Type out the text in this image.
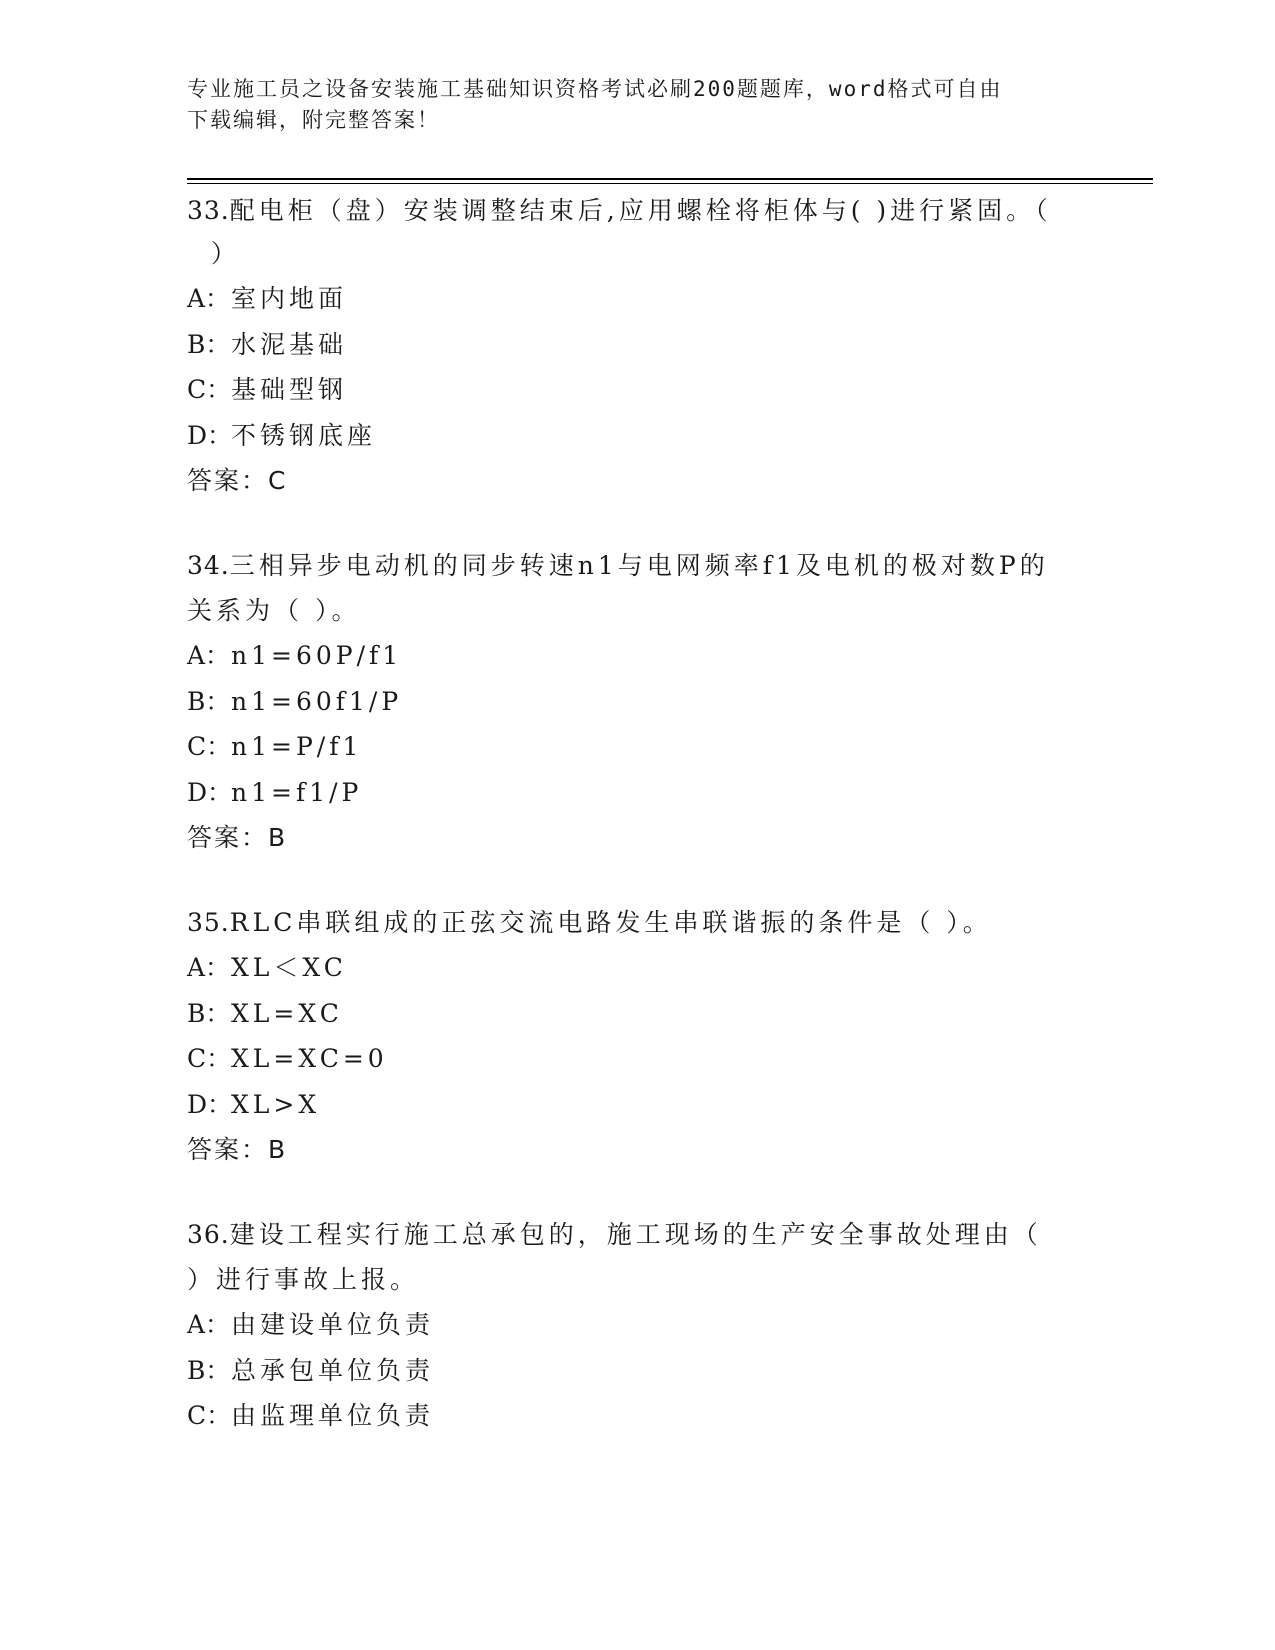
专业施工员之设备安装施工基础知识资格考试必刷200题题库，word格式可自由
下载编辑，附完整答案！

33.配电柜（盘）安装调整结束后,应用螺栓将柜体与( )进行紧固。（

）

A：室内地面

B：水泥基础

C：基础型钢

D：不锈钢底座

答案：C

34.三相异步电动机的同步转速n1与电网频率f1及电机的极对数P的

关系为（ ）。

A：n1=60P/f1

B：n1=60f1/P

C：n1=P/f1

D：n1=f1/P

答案：B

35.RLC串联组成的正弦交流电路发生串联谐振的条件是（ ）。

A：XL＜XC

B：XL=XC

C：XL=XC=0

D：XL>X

答案：B

36.建设工程实行施工总承包的，施工现场的生产安全事故处理由（

）进行事故上报。

A：由建设单位负责

B：总承包单位负责

C：由监理单位负责
